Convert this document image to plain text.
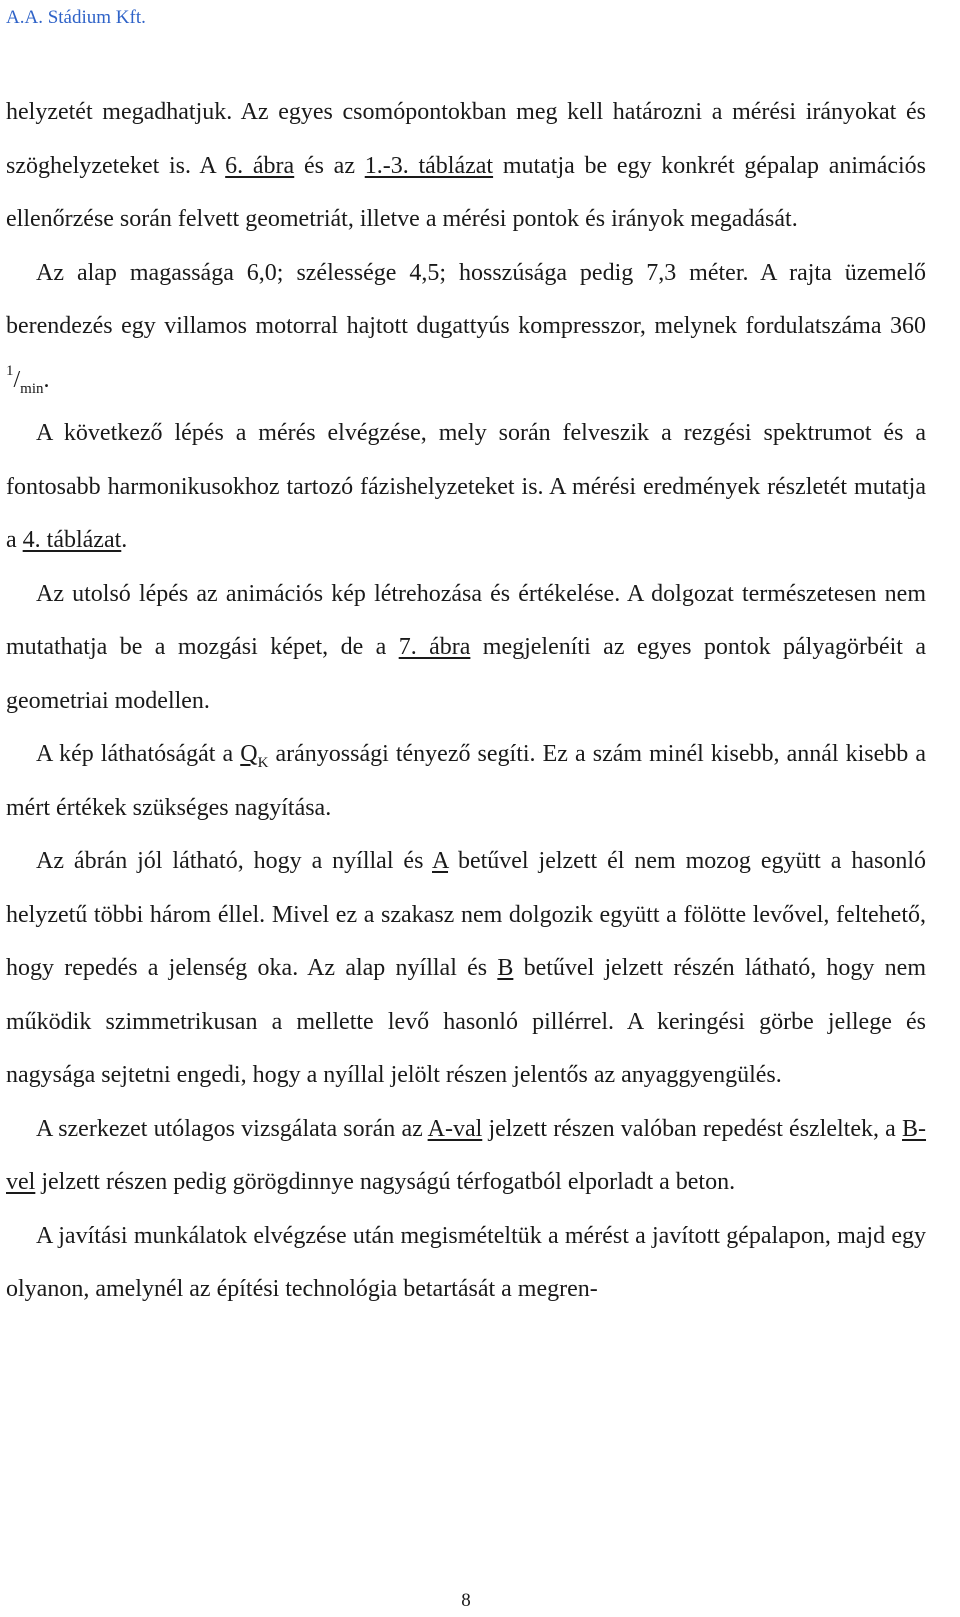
A.A. Stádium Kft.

helyzetét megadhatjuk. Az egyes csomópontokban meg kell határozni a mérési irányokat és szöghelyzeteket is. A 6. ábra és az 1.-3. táblázat mutatja be egy konkrét gépalap animációs ellenőrzése során felvett geometriát, illetve a mérési pontok és irányok megadását.

Az alap magassága 6,0; szélessége 4,5; hosszúsága pedig 7,3 méter. A rajta üzemelő berendezés egy villamos motorral hajtott dugattyús kompresszor, melynek fordulatszáma 360 $^1/_{min}$.

A következő lépés a mérés elvégzése, mely során felveszik a rezgési spektrumot és a fontosabb harmonikusokhoz tartozó fázishelyzeteket is. A mérési eredmények részletét mutatja a 4. táblázat.

Az utolsó lépés az animációs kép létrehozása és értékelése. A dolgozat természetesen nem mutathatja be a mozgási képet, de a 7. ábra megjeleníti az egyes pontok pályagörbéit a geometriai modellen.

A kép láthatóságát a $Q_K$ arányossági tényező segíti. Ez a szám minél kisebb, annál kisebb a mért értékek szükséges nagyítása.

Az ábrán jól látható, hogy a nyíllal és A betűvel jelzett él nem mozog együtt a hasonló helyzetű többi három éllel. Mivel ez a szakasz nem dolgozik együtt a fölötte levővel, feltehető, hogy repedés a jelenség oka. Az alap nyíllal és B betűvel jelzett részén látható, hogy nem működik szimmetrikusan a mellette levő hasonló pillérrel. A keringési görbe jellege és nagysága sejtetni engedi, hogy a nyíllal jelölt részen jelentős az anyaggyengülés.

A szerkezet utólagos vizsgálata során az A-val jelzett részen valóban repedést észleltek, a B-vel jelzett részen pedig görögdinnye nagyságú térfogatból elporladt a beton.

A javítási munkálatok elvégzése után megismételtük a mérést a javított gépalapon, majd egy olyanon, amelynél az építési technológia betartását a megren-

8
